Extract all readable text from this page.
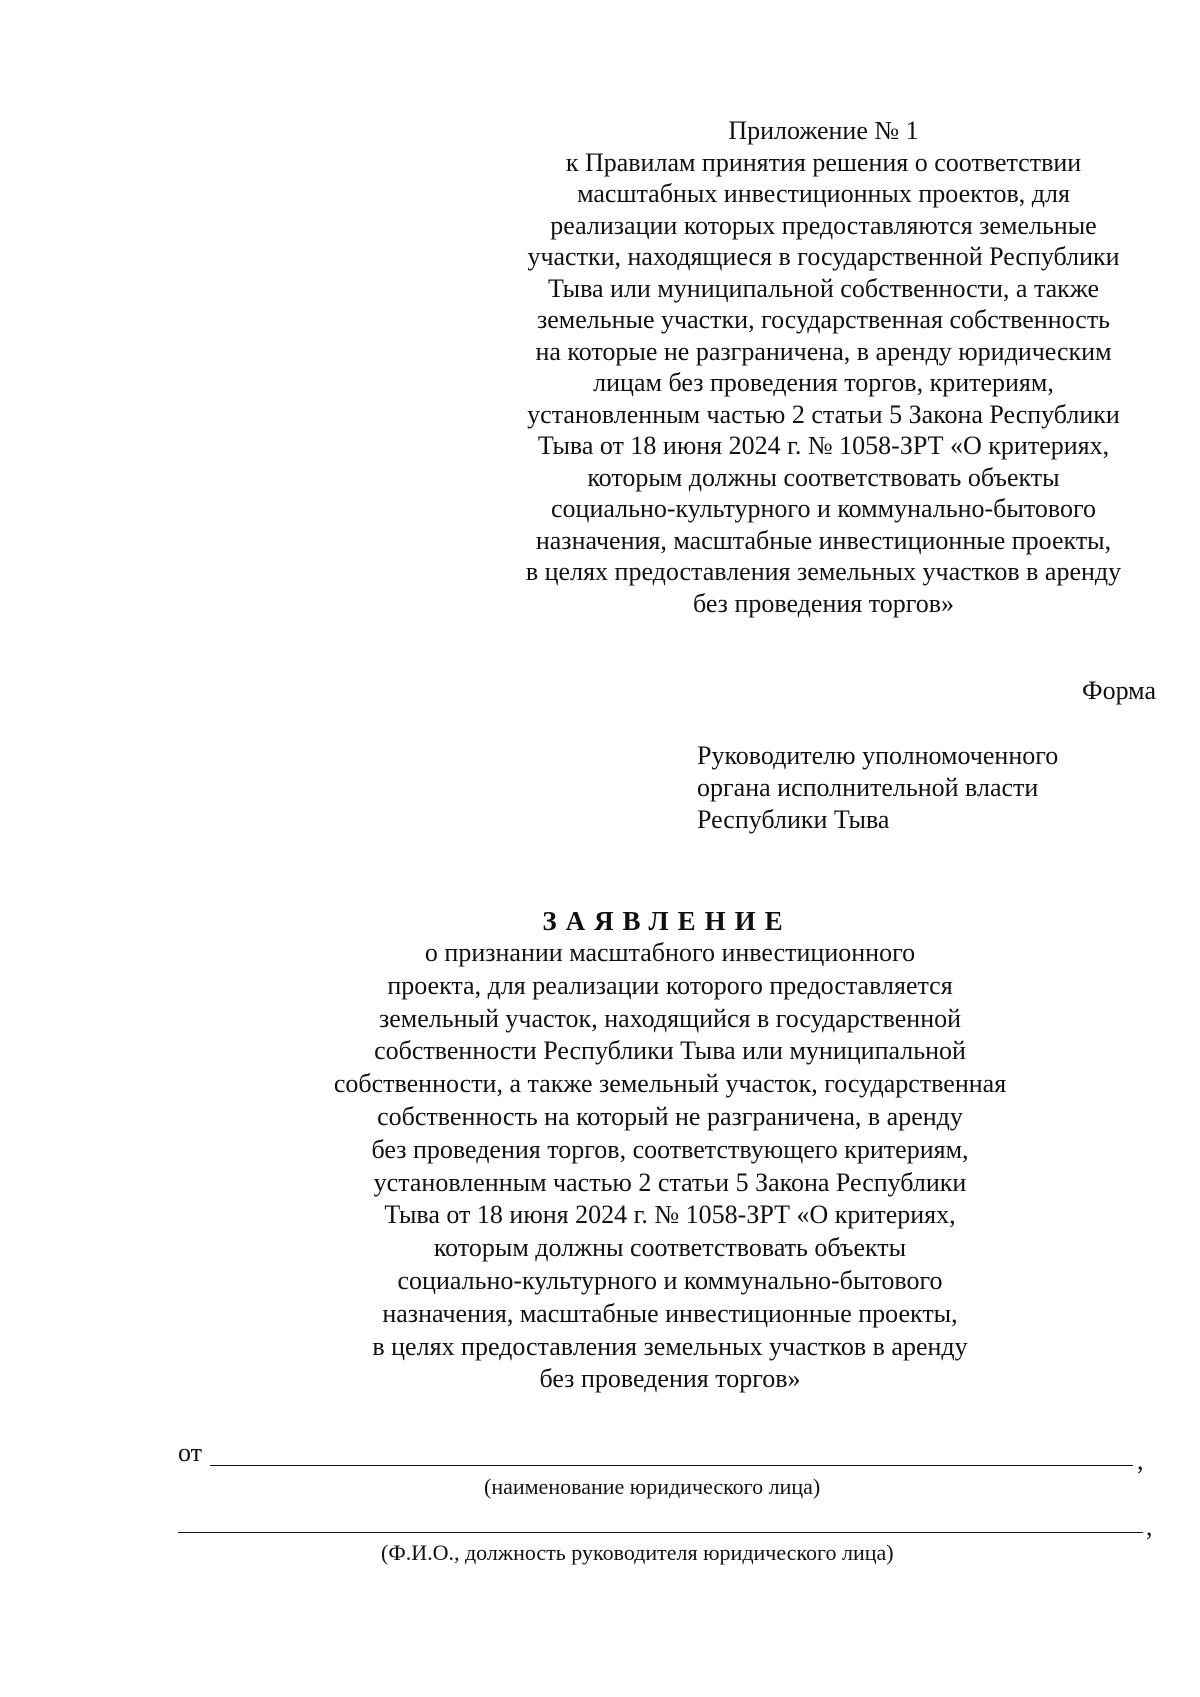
Приложение № 1
к Правилам принятия решения о соответствии
масштабных инвестиционных проектов, для
реализации которых предоставляются земельные
участки, находящиеся в государственной Республики
Тыва или муниципальной собственности, а также
земельные участки, государственная собственность
на которые не разграничена, в аренду юридическим
лицам без проведения торгов, критериям,
установленным частью 2 статьи 5 Закона Республики
Тыва от 18 июня 2024 г. № 1058-ЗРТ «О критериях,
которым должны соответствовать объекты
социально-культурного и коммунально-бытового
назначения, масштабные инвестиционные проекты,
в целях предоставления земельных участков в аренду
без проведения торгов»
Форма
Руководителю уполномоченного
органа исполнительной власти
Республики Тыва
ЗАЯВЛЕНИЕ
о признании масштабного инвестиционного
проекта, для реализации которого предоставляется
земельный участок, находящийся в государственной
собственности Республики Тыва или муниципальной
собственности, а также земельный участок, государственная
собственность на который не разграничена, в аренду
без проведения торгов, соответствующего критериям,
установленным частью 2 статьи 5 Закона Республики
Тыва от 18 июня 2024 г. № 1058-ЗРТ «О критериях,
которым должны соответствовать объекты
социально-культурного и коммунально-бытового
назначения, масштабные инвестиционные проекты,
в целях предоставления земельных участков в аренду
без проведения торгов»
от	,
(наименование юридического лица)
,
(Ф.И.О., должность руководителя юридического лица)
